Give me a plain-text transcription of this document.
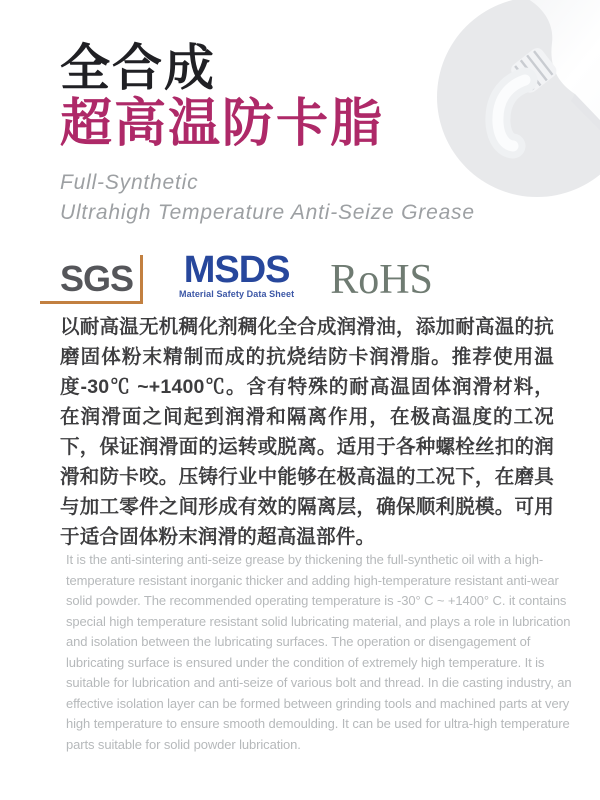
全合成
超高温防卡脂

Full-Synthetic

Ultrahigh Temperature Anti-Seize Grease

SGS MSDS
Material Safety Data Sheet RoHS

以耐高温无机稠化剂稠化全合成润滑油，添加耐高温的抗磨固体粉末精制而成的抗烧结防卡润滑脂。推荐使用温度-30℃ ~+1400℃。含有特殊的耐高温固体润滑材料，在润滑面之间起到润滑和隔离作用，在极高温度的工况下，保证润滑面的运转或脱离。适用于各种螺栓丝扣的润滑和防卡咬。压铸行业中能够在极高温的工况下，在磨具与加工零件之间形成有效的隔离层，确保顺利脱模。可用于适合固体粉末润滑的超高温部件。

It is the anti-sintering anti-seize grease by thickening the full-synthetic oil with a high-temperature resistant inorganic thicker and adding high-temperature resistant anti-wear solid powder. The recommended operating temperature is -30° C ~ +1400° C. it contains special high temperature resistant solid lubricating material, and plays a role in lubrication and isolation between the lubricating surfaces. The operation or disengagement of lubricating surface is ensured under the condition of extremely high temperature. It is suitable for lubrication and anti-seize of various bolt and thread. In die casting industry, an effective isolation layer can be formed between grinding tools and machined parts at very high temperature to ensure smooth demoulding. It can be used for ultra-high temperature parts suitable for solid powder lubrication.
